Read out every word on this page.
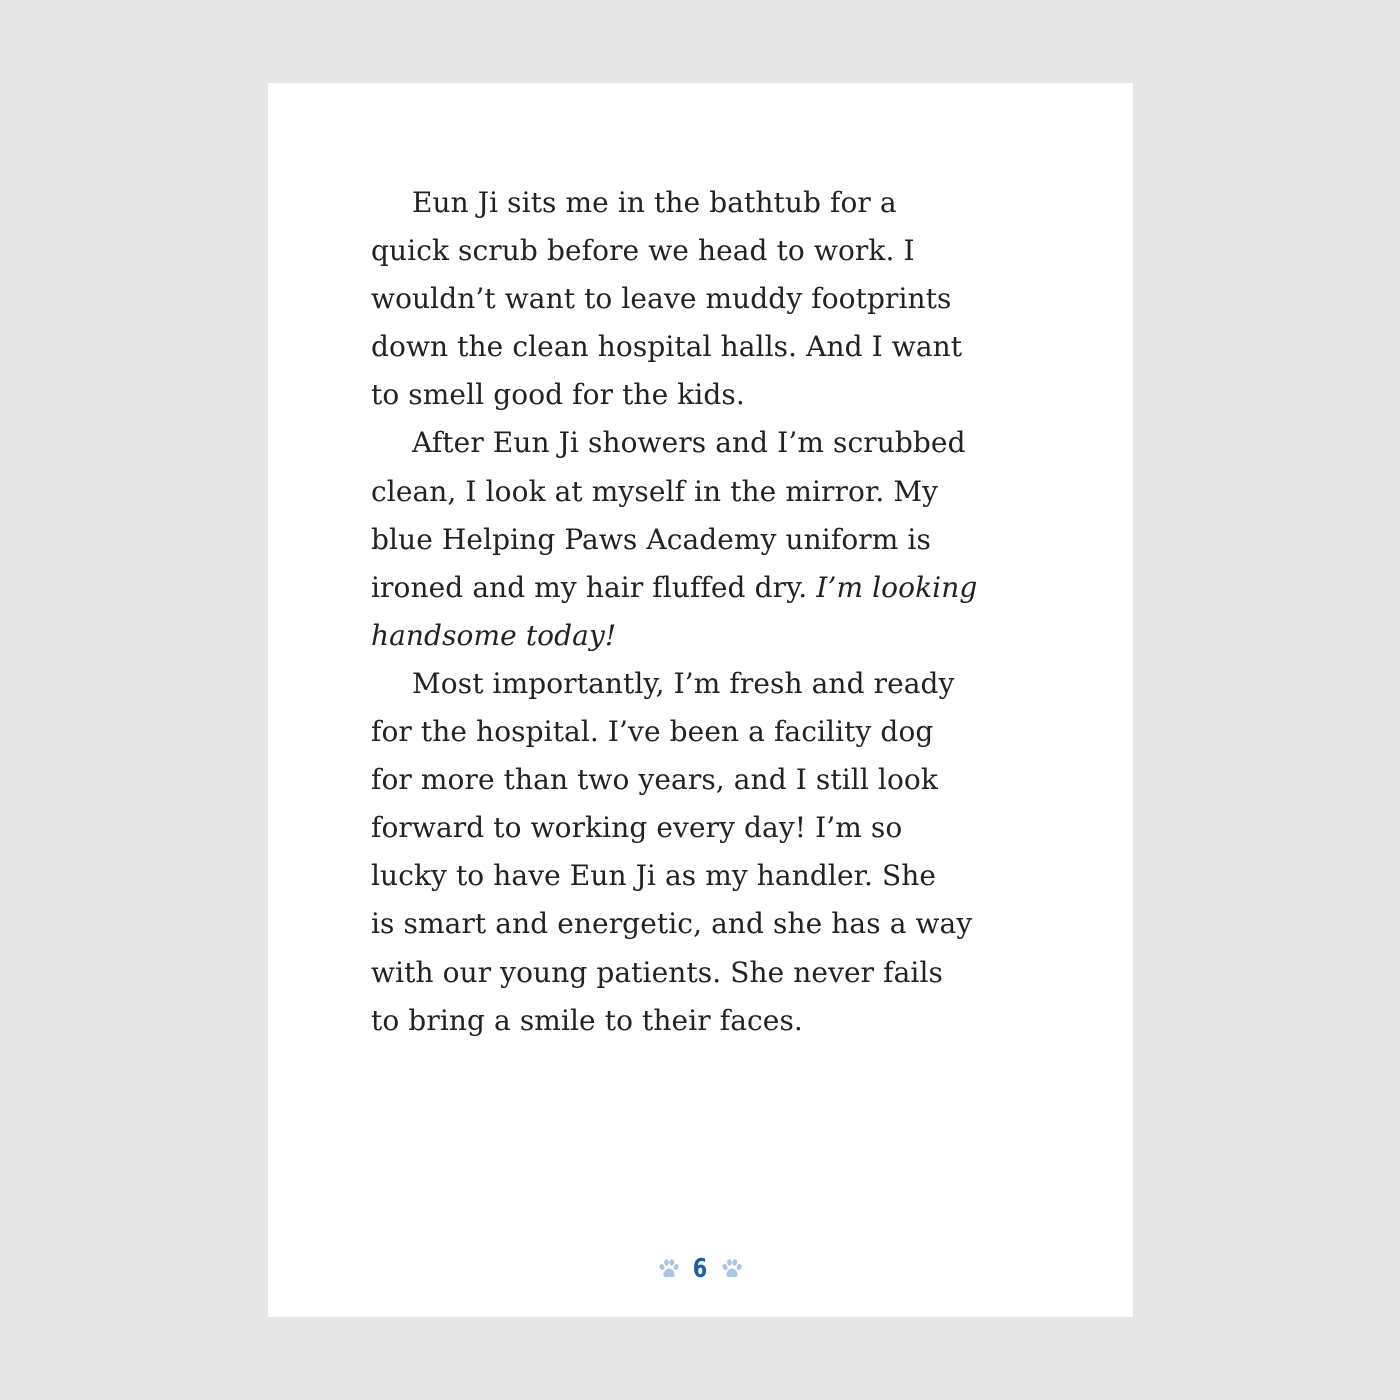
Eun Ji sits me in the bathtub for a
quick scrub before we head to work. I
wouldn’t want to leave muddy footprints
down the clean hospital halls. And I want
to smell good for the kids.
After Eun Ji showers and I’m scrubbed
clean, I look at myself in the mirror. My
blue Helping Paws Academy uniform is
ironed and my hair fluffed dry. I’m looking
handsome today!
Most importantly, I’m fresh and ready
for the hospital. I’ve been a facility dog
for more than two years, and I still look
forward to working every day! I’m so
lucky to have Eun Ji as my handler. She
is smart and energetic, and she has a way
with our young patients. She never fails
to bring a smile to their faces.
6
